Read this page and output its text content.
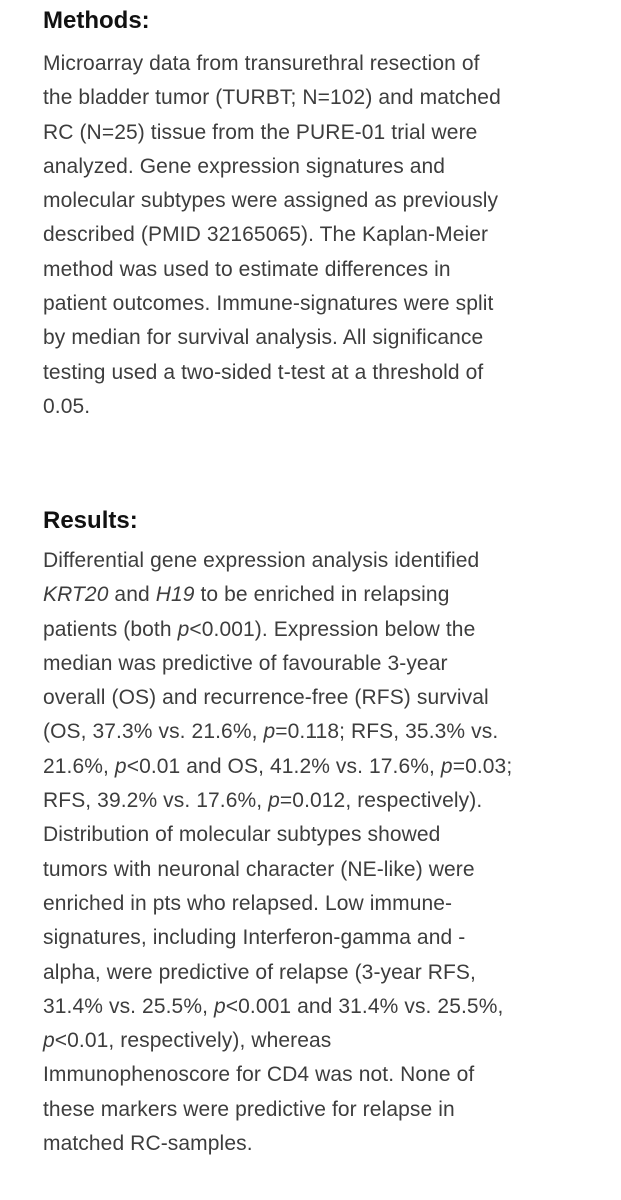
Methods:
Microarray data from transurethral resection of
the bladder tumor (TURBT; N=102) and matched
RC (N=25) tissue from the PURE-01 trial were
analyzed. Gene expression signatures and
molecular subtypes were assigned as previously
described (PMID 32165065). The Kaplan-Meier
method was used to estimate differences in
patient outcomes. Immune-signatures were split
by median for survival analysis. All significance
testing used a two-sided t-test at a threshold of
0.05.
Results:
Differential gene expression analysis identified
KRT20 and H19 to be enriched in relapsing
patients (both p<0.001). Expression below the
median was predictive of favourable 3-year
overall (OS) and recurrence-free (RFS) survival
(OS, 37.3% vs. 21.6%, p=0.118; RFS, 35.3% vs.
21.6%, p<0.01 and OS, 41.2% vs. 17.6%, p=0.03;
RFS, 39.2% vs. 17.6%, p=0.012, respectively).
Distribution of molecular subtypes showed
tumors with neuronal character (NE-like) were
enriched in pts who relapsed. Low immune-
signatures, including Interferon-gamma and -
alpha, were predictive of relapse (3-year RFS,
31.4% vs. 25.5%, p<0.001 and 31.4% vs. 25.5%,
p<0.01, respectively), whereas
Immunophenoscore for CD4 was not. None of
these markers were predictive for relapse in
matched RC-samples.
